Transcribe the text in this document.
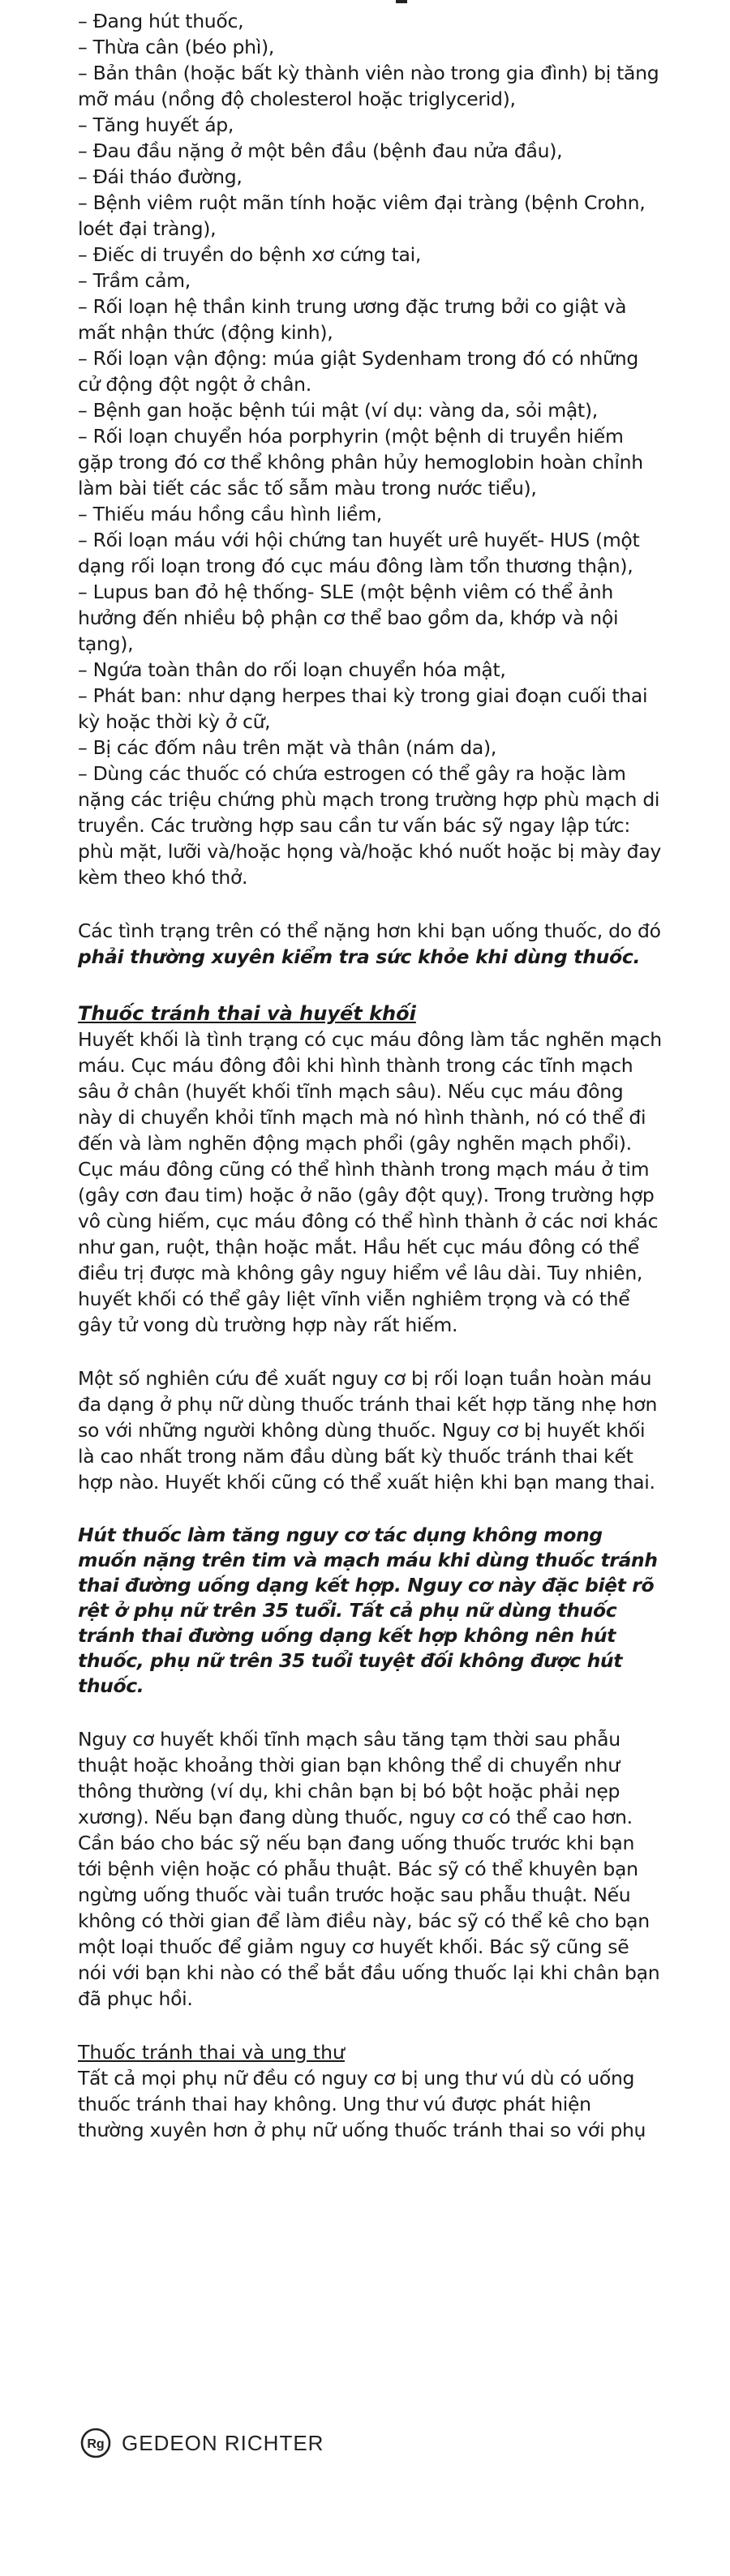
– Đang hút thuốc,
– Thừa cân (béo phì),
– Bản thân (hoặc bất kỳ thành viên nào trong gia đình) bị tăng mỡ máu (nồng độ cholesterol hoặc triglycerid),
– Tăng huyết áp,
– Đau đầu nặng ở một bên đầu (bệnh đau nửa đầu),
– Đái tháo đường,
– Bệnh viêm ruột mãn tính hoặc viêm đại tràng (bệnh Crohn, loét đại tràng),
– Điếc di truyền do bệnh xơ cứng tai,
– Trầm cảm,
– Rối loạn hệ thần kinh trung ương đặc trưng bởi co giật và mất nhận thức (động kinh),
– Rối loạn vận động: múa giật Sydenham trong đó có những cử động đột ngột ở chân.
– Bệnh gan hoặc bệnh túi mật (ví dụ: vàng da, sỏi mật),
– Rối loạn chuyển hóa porphyrin (một bệnh di truyền hiếm gặp trong đó cơ thể không phân hủy hemoglobin hoàn chỉnh làm bài tiết các sắc tố sẫm màu trong nước tiểu),
– Thiếu máu hồng cầu hình liềm,
– Rối loạn máu với hội chứng tan huyết urê huyết- HUS (một dạng rối loạn trong đó cục máu đông làm tổn thương thận),
– Lupus ban đỏ hệ thống- SLE (một bệnh viêm có thể ảnh hưởng đến nhiều bộ phận cơ thể bao gồm da, khớp và nội tạng),
– Ngứa toàn thân do rối loạn chuyển hóa mật,
– Phát ban: như dạng herpes thai kỳ trong giai đoạn cuối thai kỳ hoặc thời kỳ ở cữ,
– Bị các đốm nâu trên mặt và thân (nám da),
– Dùng các thuốc có chứa estrogen có thể gây ra hoặc làm nặng các triệu chứng phù mạch trong trường hợp phù mạch di truyền. Các trường hợp sau cần tư vấn bác sỹ ngay lập tức: phù mặt, lưỡi và/hoặc họng và/hoặc khó nuốt hoặc bị mày đay kèm theo khó thở.

Các tình trạng trên có thể nặng hơn khi bạn uống thuốc, do đó phải thường xuyên kiểm tra sức khỏe khi dùng thuốc.

Thuốc tránh thai và huyết khối

Huyết khối là tình trạng có cục máu đông làm tắc nghẽn mạch máu. Cục máu đông đôi khi hình thành trong các tĩnh mạch sâu ở chân (huyết khối tĩnh mạch sâu). Nếu cục máu đông này di chuyển khỏi tĩnh mạch mà nó hình thành, nó có thể đi đến và làm nghẽn động mạch phổi (gây nghẽn mạch phổi). Cục máu đông cũng có thể hình thành trong mạch máu ở tim (gây cơn đau tim) hoặc ở não (gây đột quỵ). Trong trường hợp vô cùng hiếm, cục máu đông có thể hình thành ở các nơi khác như gan, ruột, thận hoặc mắt. Hầu hết cục máu đông có thể điều trị được mà không gây nguy hiểm về lâu dài. Tuy nhiên, huyết khối có thể gây liệt vĩnh viễn nghiêm trọng và có thể gây tử vong dù trường hợp này rất hiếm.

Một số nghiên cứu đề xuất nguy cơ bị rối loạn tuần hoàn máu đa dạng ở phụ nữ dùng thuốc tránh thai kết hợp tăng nhẹ hơn so với những người không dùng thuốc. Nguy cơ bị huyết khối là cao nhất trong năm đầu dùng bất kỳ thuốc tránh thai kết hợp nào. Huyết khối cũng có thể xuất hiện khi bạn mang thai.

Hút thuốc làm tăng nguy cơ tác dụng không mong muốn nặng trên tim và mạch máu khi dùng thuốc tránh thai đường uống dạng kết hợp. Nguy cơ này đặc biệt rõ rệt ở phụ nữ trên 35 tuổi. Tất cả phụ nữ dùng thuốc tránh thai đường uống dạng kết hợp không nên hút thuốc, phụ nữ trên 35 tuổi tuyệt đối không được hút thuốc.

Nguy cơ huyết khối tĩnh mạch sâu tăng tạm thời sau phẫu thuật hoặc khoảng thời gian bạn không thể di chuyển như thông thường (ví dụ, khi chân bạn bị bó bột hoặc phải nẹp xương). Nếu bạn đang dùng thuốc, nguy cơ có thể cao hơn. Cần báo cho bác sỹ nếu bạn đang uống thuốc trước khi bạn tới bệnh viện hoặc có phẫu thuật. Bác sỹ có thể khuyên bạn ngừng uống thuốc vài tuần trước hoặc sau phẫu thuật. Nếu không có thời gian để làm điều này, bác sỹ có thể kê cho bạn một loại thuốc để giảm nguy cơ huyết khối. Bác sỹ cũng sẽ nói với bạn khi nào có thể bắt đầu uống thuốc lại khi chân bạn đã phục hồi.

Thuốc tránh thai và ung thư

Tất cả mọi phụ nữ đều có nguy cơ bị ung thư vú dù có uống thuốc tránh thai hay không. Ung thư vú được phát hiện thường xuyên hơn ở phụ nữ uống thuốc tránh thai so với phụ

Rg GEDEON RICHTER
